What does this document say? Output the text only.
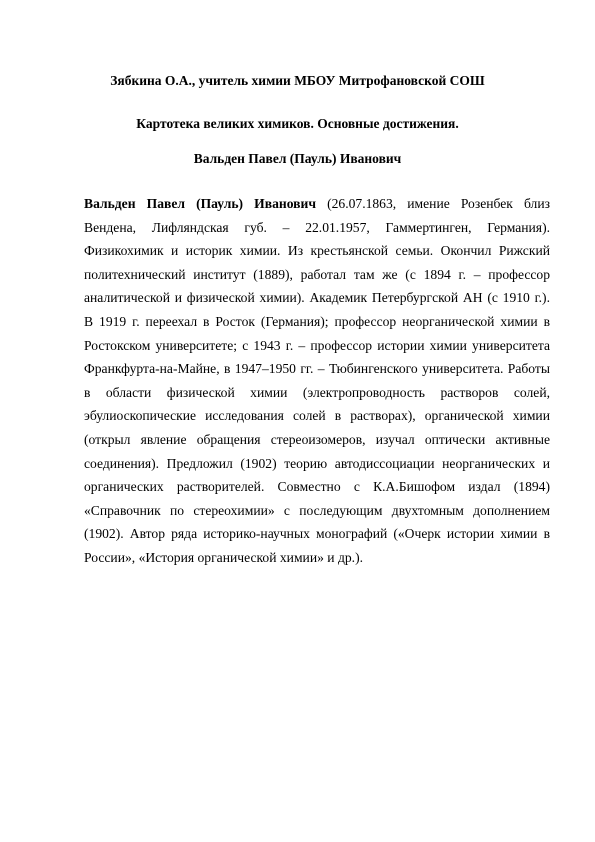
Зябкина О.А., учитель химии МБОУ Митрофановской СОШ
Картотека великих химиков. Основные достижения.
Вальден Павел (Пауль) Иванович

Вальден Павел (Пауль) Иванович (26.07.1863, имение Розенбек близ Вендена, Лифляндская губ. – 22.01.1957, Гаммертинген, Германия). Физикохимик и историк химии. Из крестьянской семьи. Окончил Рижский политехнический институт (1889), работал там же (с 1894 г. – профессор аналитической и физической химии). Академик Петербургской АН (с 1910 г.). В 1919 г. переехал в Росток (Германия); профессор неорганической химии в Ростокском университете; с 1943 г. – профессор истории химии университета Франкфурта-на-Майне, в 1947–1950 гг. – Тюбингенского университета. Работы в области физической химии (электропроводность растворов солей, эбулиоскопические исследования солей в растворах), органической химии (открыл явление обращения стереоизомеров, изучал оптически активные соединения). Предложил (1902) теорию автодиссоциации неорганических и органических растворителей. Совместно с К.А.Бишофом издал (1894) «Справочник по стереохимии» с последующим двухтомным дополнением (1902). Автор ряда историко-научных монографий («Очерк истории химии в России», «История органической химии» и др.).
